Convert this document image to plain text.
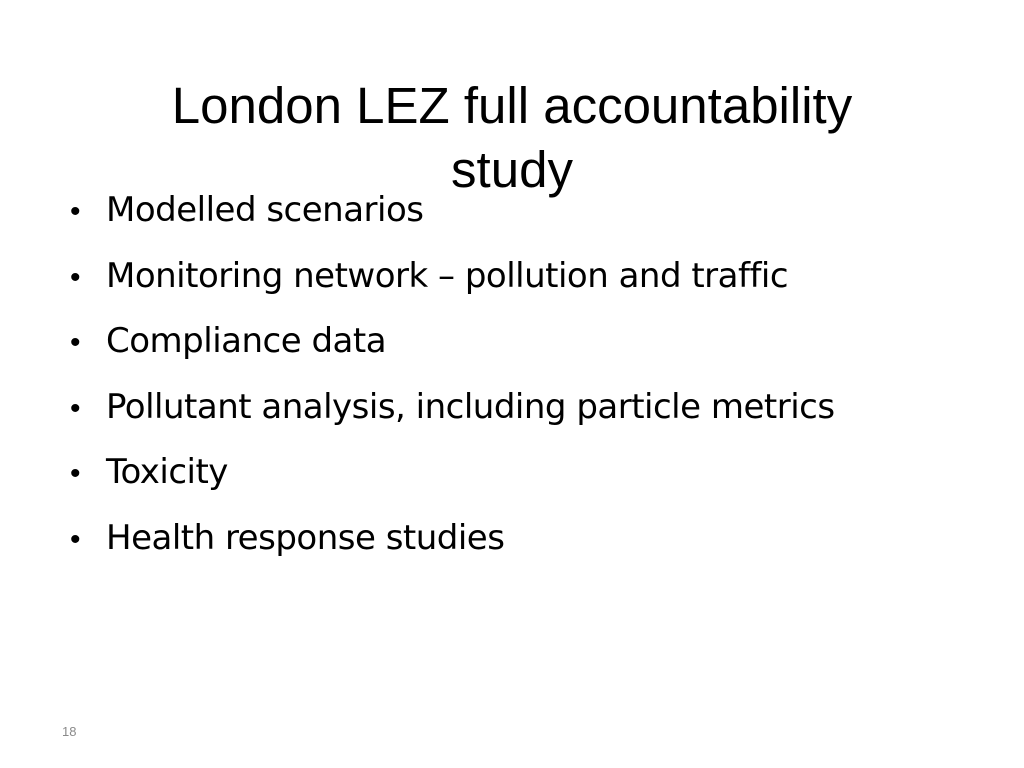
London LEZ full accountability
study
• Modelled scenarios
• Monitoring network – pollution and traffic
• Compliance data
• Pollutant analysis, including particle metrics
• Toxicity
• Health response studies
18
